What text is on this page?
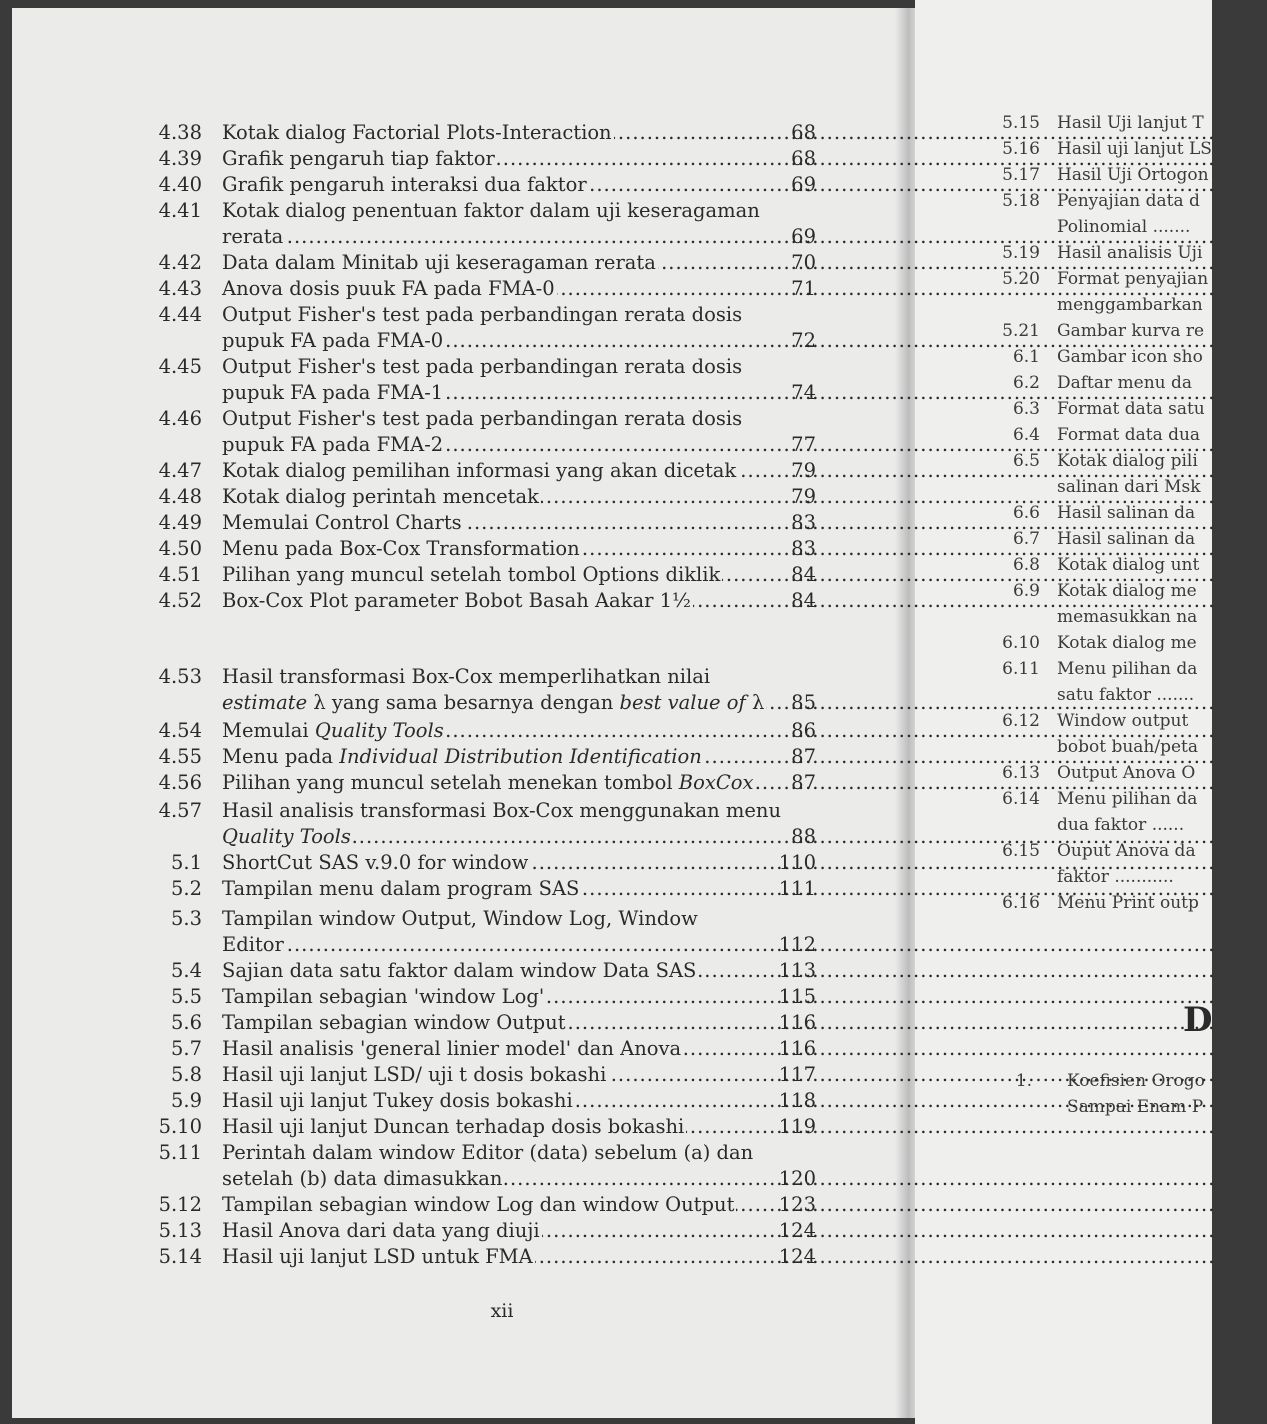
4.38 Kotak dialog Factorial Plots-Interaction .....	68
4.39 Grafik pengaruh tiap faktor .....	68
4.40 Grafik pengaruh interaksi dua faktor .....	69
4.41 Kotak dialog penentuan faktor dalam uji keseragaman
rerata .....	69
4.42 Data dalam Minitab uji keseragaman rerata .....	70
4.43 Anova dosis puuk FA pada FMA-0 .....	71
4.44 Output Fisher's test pada perbandingan rerata dosis
pupuk FA pada FMA-0 .....	72
4.45 Output Fisher's test pada perbandingan rerata dosis
pupuk FA pada FMA-1 .....	74
4.46 Output Fisher's test pada perbandingan rerata dosis
pupuk FA pada FMA-2 .....	77
4.47 Kotak dialog pemilihan informasi yang akan dicetak .....	79
4.48 Kotak dialog perintah mencetak .....	79
4.49 Memulai Control Charts .....	83
4.50 Menu pada Box-Cox Transformation .....	83
4.51 Pilihan yang muncul setelah tombol Options diklik .....	84
4.52 Box-Cox Plot parameter Bobot Basah Aakar 1½ .....	84
4.53 Hasil transformasi Box-Cox memperlihatkan nilai
estimate λ yang sama besarnya dengan best value of λ .....	85
4.54 Memulai Quality Tools .....	86
4.55 Menu pada Individual Distribution Identification .....	87
4.56 Pilihan yang muncul setelah menekan tombol BoxCox .....	87
4.57 Hasil analisis transformasi Box-Cox menggunakan menu
Quality Tools .....	88
5.1 ShortCut SAS v.9.0 for window .....	110
5.2 Tampilan menu dalam program SAS .....	111
5.3 Tampilan window Output, Window Log, Window
Editor .....	112
5.4 Sajian data satu faktor dalam window Data SAS .....	113
5.5 Tampilan sebagian 'window Log' .....	115
5.6 Tampilan sebagian window Output .....	116
5.7 Hasil analisis 'general linier model' dan Anova .....	116
5.8 Hasil uji lanjut LSD/ uji t dosis bokashi .....	117
5.9 Hasil uji lanjut Tukey dosis bokashi .....	118
5.10 Hasil uji lanjut Duncan terhadap dosis bokashi .....	119
5.11 Perintah dalam window Editor (data) sebelum (a) dan
setelah (b) data dimasukkan .....	120
5.12 Tampilan sebagian window Log dan window Output .....	123
5.13 Hasil Anova dari data yang diuji .....	124
5.14 Hasil uji lanjut LSD untuk FMA .....	124
xii
D
1. Koefisien Orogo
Sampai Enam P
5.15 Hasil Uji lanjut T
5.16 Hasil uji lanjut LS
5.17 Hasil Uji Ortogon
5.18 Penyajian data d
Polinomial .......
5.19 Hasil analisis Uji
5.20 Format penyajian
menggambarkan
5.21 Gambar kurva re
6.1 Gambar icon sho
6.2 Daftar menu da
6.3 Format data satu
6.4 Format data dua
6.5 Kotak dialog pili
salinan dari Msk
6.6 Hasil salinan da
6.7 Hasil salinan da
6.8 Kotak dialog unt
6.9 Kotak dialog me
memasukkan na
6.10 Kotak dialog me
6.11 Menu pilihan da
satu faktor .......
6.12 Window output
bobot buah/peta
6.13 Output Anova O
6.14 Menu pilihan da
dua faktor ......
6.15 Ouput Anova da
faktor ...........
6.16 Menu Print outp
